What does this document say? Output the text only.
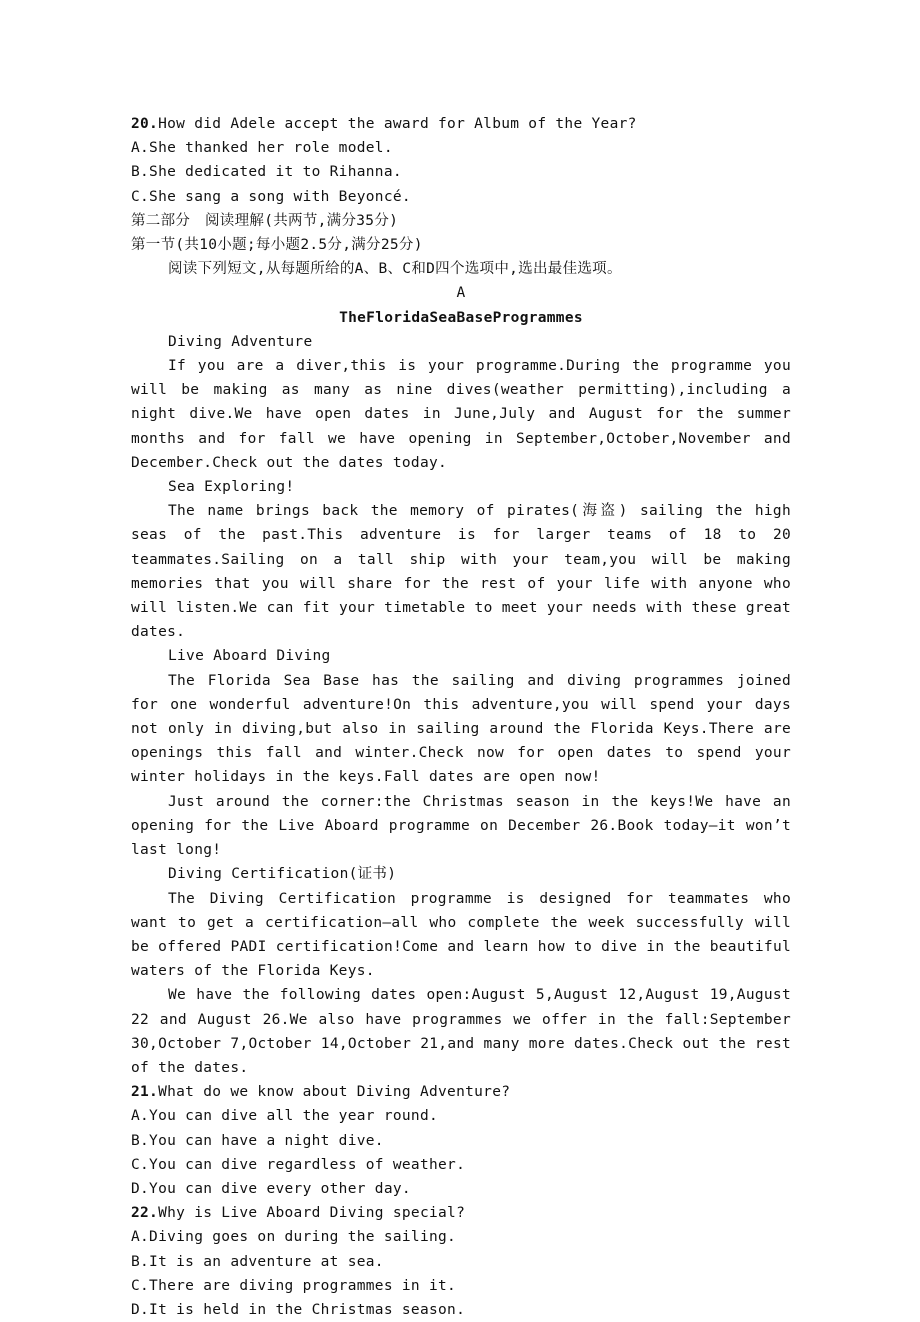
20.How did Adele accept the award for Album of the Year?
A.She thanked her role model.
B.She dedicated it to Rihanna.
C.She sang a song with Beyoncé.
第二部分　阅读理解(共两节,满分35分)
第一节(共10小题;每小题2.5分,满分25分)
阅读下列短文,从每题所给的A、B、C和D四个选项中,选出最佳选项。
A
TheFloridaSeaBaseProgrammes
Diving Adventure

If you are a diver,this is your programme.During the programme you will be making as many as nine dives(weather permitting),including a night dive.We have open dates in June,July and August for the summer months and for fall we have opening in September,October,November and December.Check out the dates today.

Sea Exploring!

The name brings back the memory of pirates(海盗) sailing the high seas of the past.This adventure is for larger teams of 18 to 20 teammates.Sailing on a tall ship with your team,you will be making memories that you will share for the rest of your life with anyone who will listen.We can fit your timetable to meet your needs with these great dates.

Live Aboard Diving

The Florida Sea Base has the sailing and diving programmes joined for one wonderful adventure!On this adventure,you will spend your days not only in diving,but also in sailing around the Florida Keys.There are openings this fall and winter.Check now for open dates to spend your winter holidays in the keys.Fall dates are open now!

Just around the corner:the Christmas season in the keys!We have an opening for the Live Aboard programme on December 26.Book today—it won’t last long!

Diving Certification(证书)

The Diving Certification programme is designed for teammates who want to get a certification—all who complete the week successfully will be offered PADI certification!Come and learn how to dive in the beautiful waters of the Florida Keys.

We have the following dates open:August 5,August 12,August 19,August 22 and August 26.We also have programmes we offer in the fall:September 30,October 7,October 14,October 21,and many more dates.Check out the rest of the dates.

21.What do we know about Diving Adventure?
A.You can dive all the year round.
B.You can have a night dive.
C.You can dive regardless of weather.
D.You can dive every other day.
22.Why is Live Aboard Diving special?
A.Diving goes on during the sailing.
B.It is an adventure at sea.
C.There are diving programmes in it.
D.It is held in the Christmas season.
